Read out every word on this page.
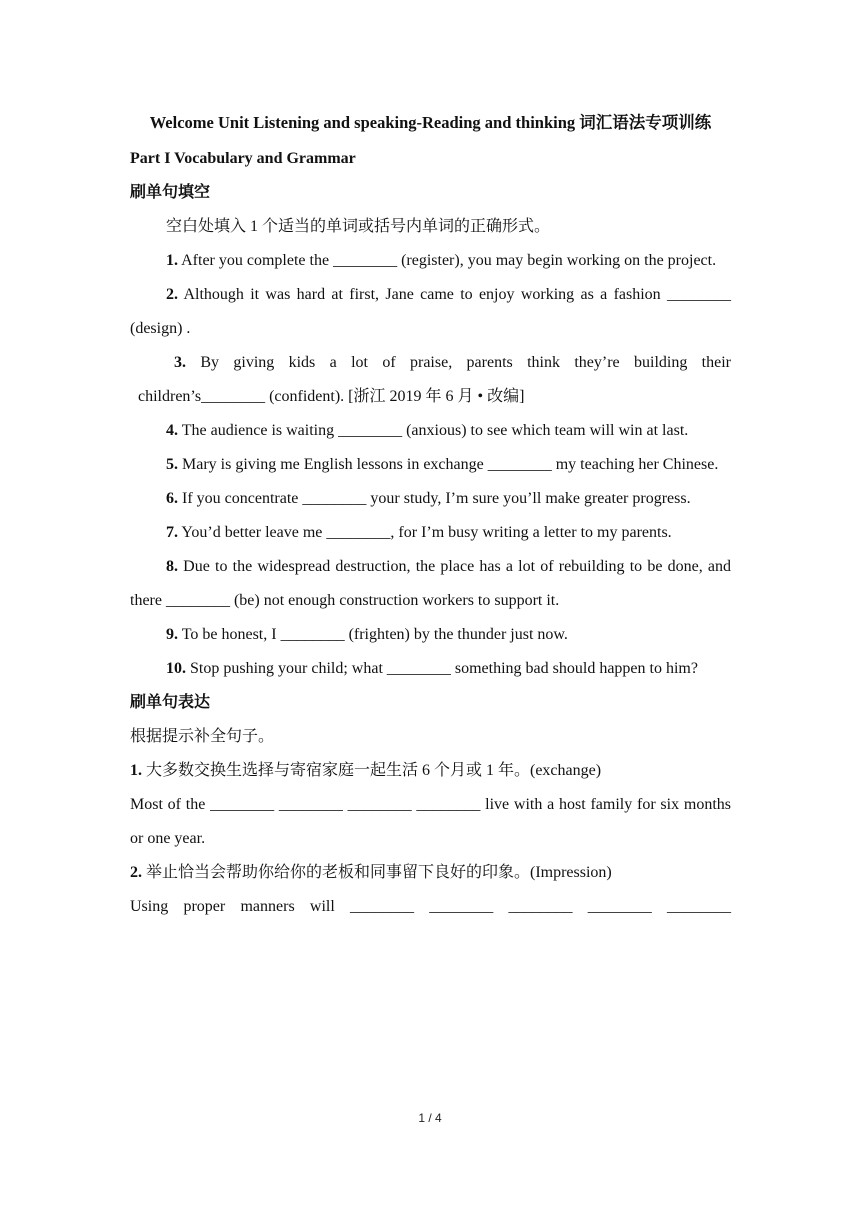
Welcome Unit Listening and speaking-Reading and thinking 词汇语法专项训练
Part I Vocabulary and Grammar
刷单句填空
空白处填入 1 个适当的单词或括号内单词的正确形式。
1. After you complete the ________ (register), you may begin working on the project.
2. Although it was hard at first, Jane came to enjoy working as a fashion ________ (design) .
3. By giving kids a lot of praise, parents think they’re building their children’s________ (confident). [浙江 2019 年 6 月 • 改编]
4. The audience is waiting ________ (anxious) to see which team will win at last.
5. Mary is giving me English lessons in exchange ________ my teaching her Chinese.
6. If you concentrate ________ your study, I’m sure you’ll make greater progress.
7. You’d better leave me ________, for I’m busy writing a letter to my parents.
8. Due to the widespread destruction, the place has a lot of rebuilding to be done, and there ________ (be) not enough construction workers to support it.
9. To be honest, I ________ (frighten) by the thunder just now.
10. Stop pushing your child; what ________ something bad should happen to him?
刷单句表达
根据提示补全句子。
1. 大多数交换生选择与寄宿家庭一起生活 6 个月或 1 年。(exchange)
Most of the ________ ________ ________ ________ live with a host family for six months or one year.
2. 举止恰当会帮助你给你的老板和同事留下良好的印象。(Impression)
Using proper manners will ________ ________ ________ ________ ________
1 / 4
